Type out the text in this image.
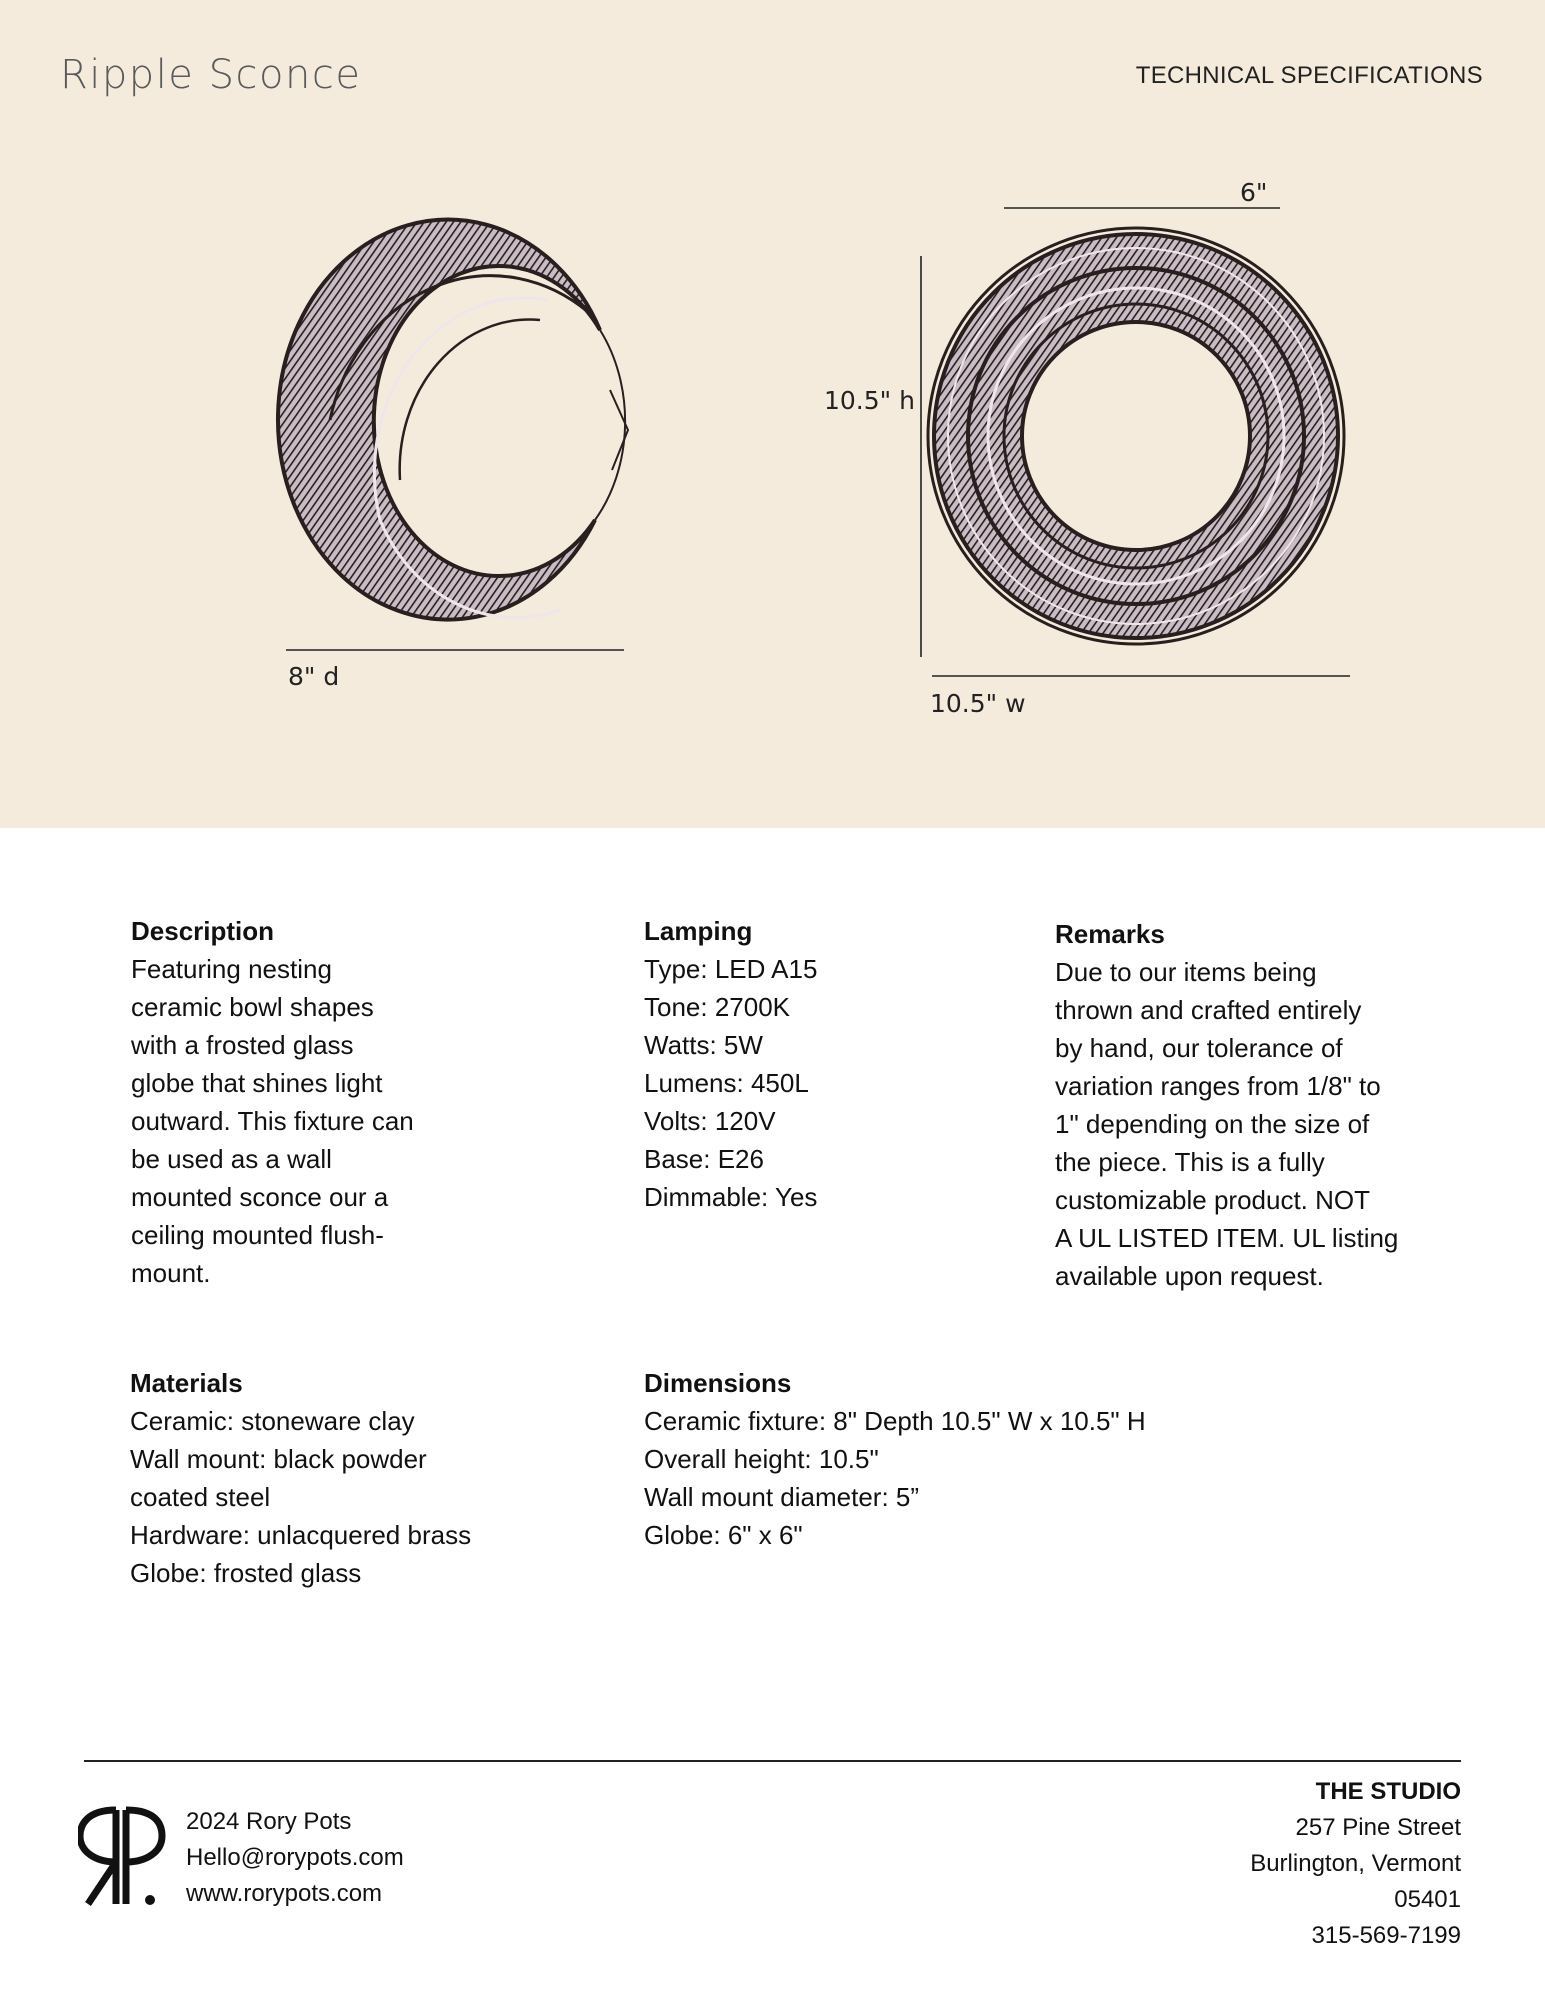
Ripple Sconce	TECHNICAL SPECIFICATIONS
8" d
6"
10.5" h
10.5" w
Description
Featuring nesting
ceramic bowl shapes
with a frosted glass
globe that shines light
outward. This fixture can
be used as a wall
mounted sconce our a
ceiling mounted flush-
mount.
Lamping
Type: LED A15
Tone: 2700K
Watts: 5W
Lumens: 450L
Volts: 120V
Base: E26
Dimmable: Yes
Remarks
Due to our items being
thrown and crafted entirely
by hand, our tolerance of
variation ranges from 1/8" to
1" depending on the size of
the piece. This is a fully
customizable product. NOT
A UL LISTED ITEM. UL listing
available upon request.
Materials
Ceramic: stoneware clay
Wall mount: black powder
coated steel
Hardware: unlacquered brass
Globe: frosted glass
Dimensions
Ceramic fixture: 8" Depth 10.5" W x 10.5" H
Overall height: 10.5"
Wall mount diameter: 5”
Globe: 6" x 6"
2024 Rory Pots
Hello@rorypots.com
www.rorypots.com
THE STUDIO
257 Pine Street
Burlington, Vermont
05401
315-569-7199
